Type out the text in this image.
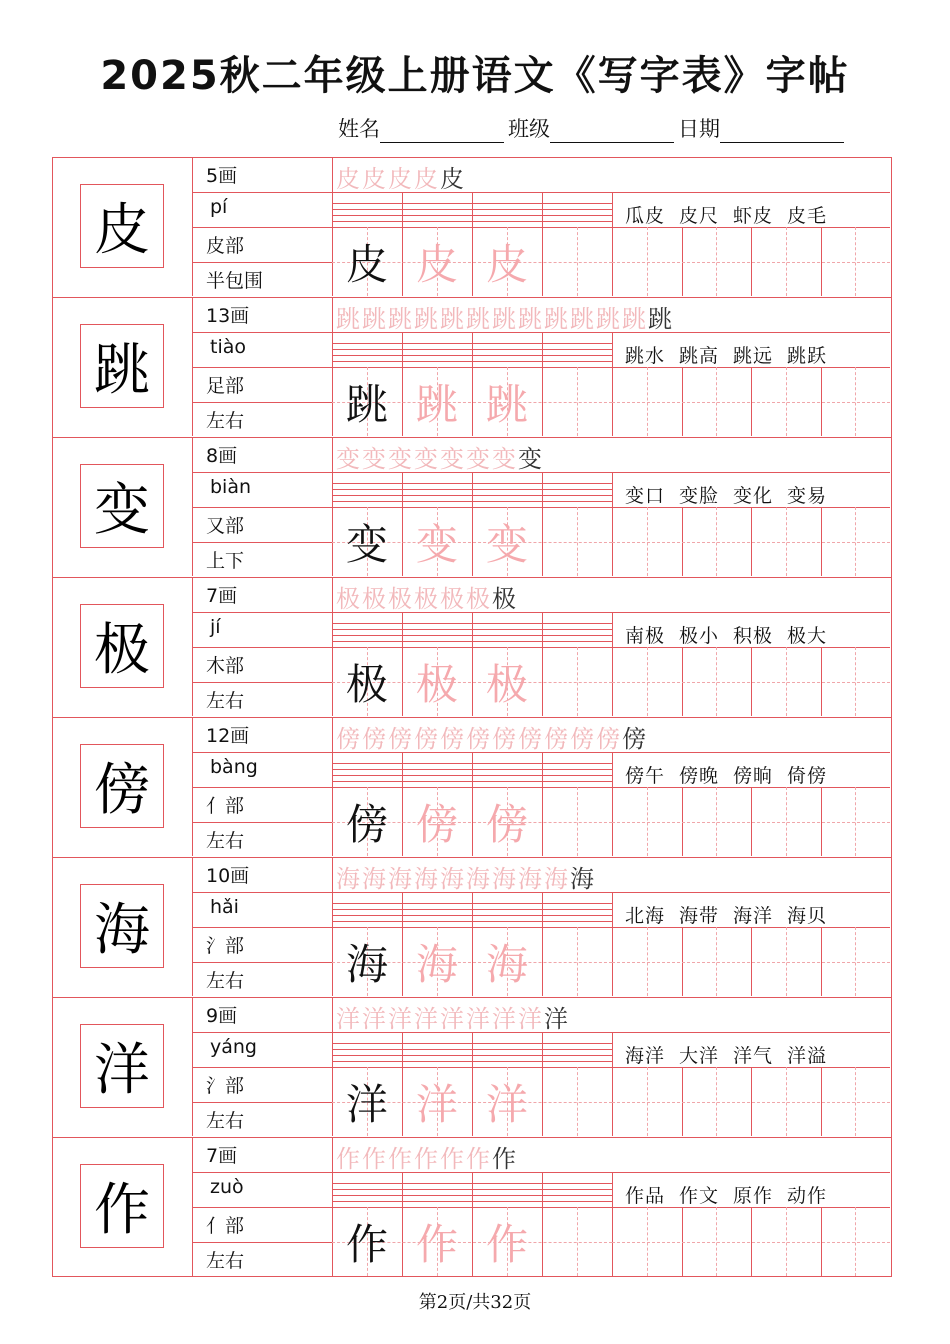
2025秋二年级上册语文《写字表》字帖
姓名	班级	日期
皮
5画
pí
皮部
半包围
皮 皮 皮 皮 皮
瓜皮 皮尺 虾皮 皮毛
皮 皮 皮
跳
13画
tiào
足部
左右
跳 跳 跳 跳 跳 跳 跳 跳 跳 跳 跳 跳 跳
跳水 跳高 跳远 跳跃
跳 跳 跳
变
8画
biàn
又部
上下
变 变 变 变 变 变 变 变
变口 变脸 变化 变易
变 变 变
极
7画
jí
木部
左右
极 极 极 极 极 极 极
南极 极小 积极 极大
极 极 极
傍
12画
bàng
亻部
左右
傍 傍 傍 傍 傍 傍 傍 傍 傍 傍 傍 傍
傍午 傍晚 傍晌 倚傍
傍 傍 傍
海
10画
hǎi
氵部
左右
海 海 海 海 海 海 海 海 海 海
北海 海带 海洋 海贝
海 海 海
洋
9画
yáng
氵部
左右
洋 洋 洋 洋 洋 洋 洋 洋 洋
海洋 大洋 洋气 洋溢
洋 洋 洋
作
7画
zuò
亻部
左右
作 作 作 作 作 作 作
作品 作文 原作 动作
作 作 作
第2页/共32页
